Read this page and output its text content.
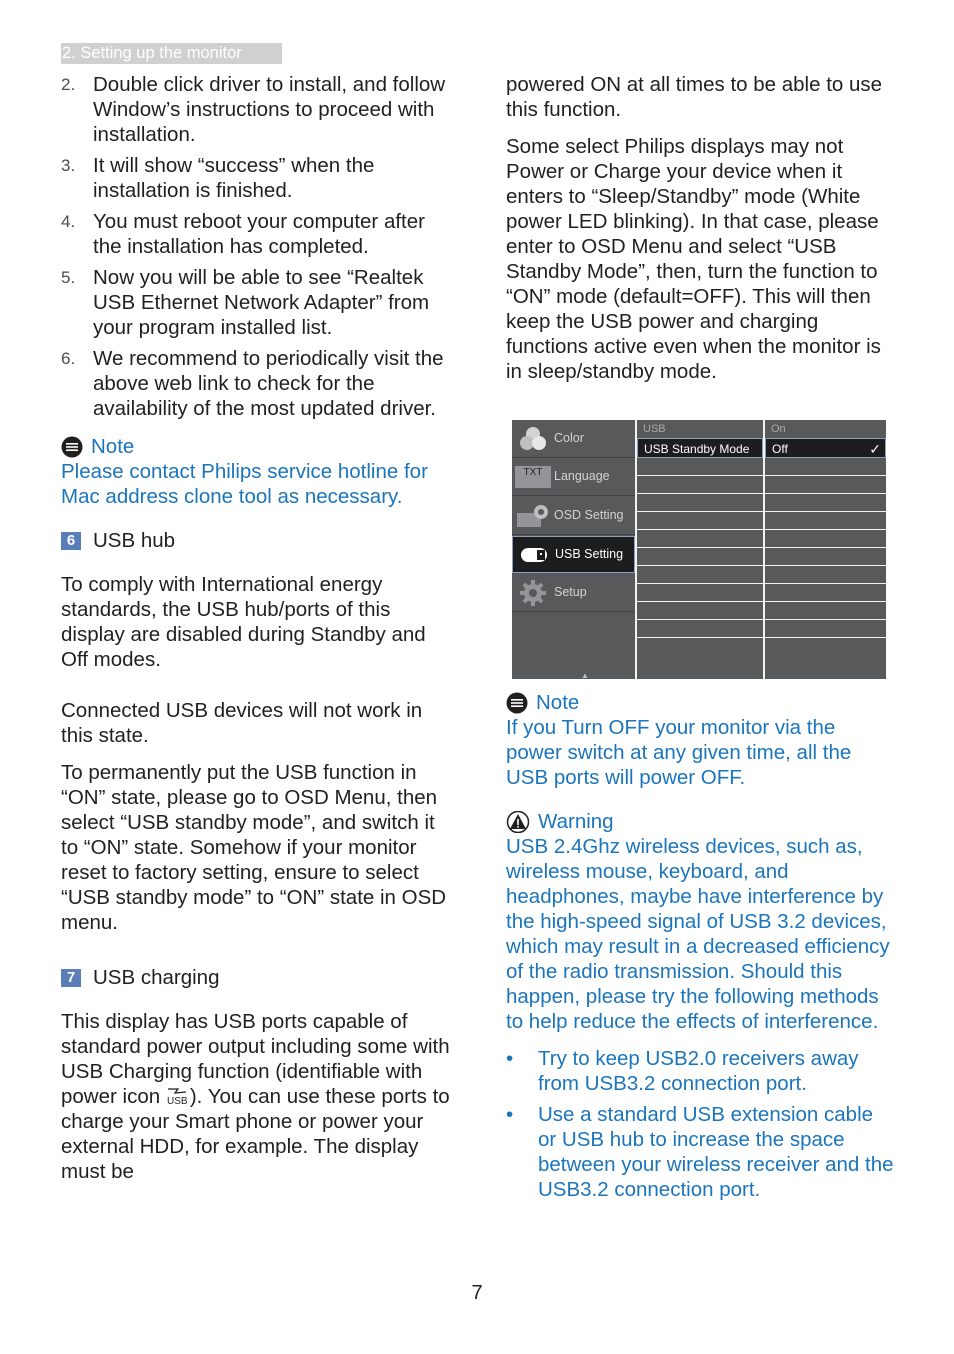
2. Setting up the monitor
2. Double click driver to install, and follow Window’s instructions to proceed with installation.
3. It will show “success” when the installation is finished.
4. You must reboot your computer after the installation has completed.
5. Now you will be able to see “Realtek USB Ethernet Network Adapter” from your program installed list.
6. We recommend to periodically visit the above web link to check for the availability of the most updated driver.
Note

Please contact Philips service hotline for Mac address clone tool as necessary.

6 USB hub

To comply with International energy standards, the USB hub/ports of this display are disabled during Standby and Off modes.

Connected USB devices will not work in this state.

To permanently put the USB function in “ON” state, please go to OSD Menu, then select “USB standby mode”, and switch it to “ON” state. Somehow if your monitor reset to factory setting, ensure to select “USB standby mode” to “ON” state in OSD menu.

7 USB charging

This display has USB ports capable of standard power output including some with USB Charging function (identifiable with power icon USB ). You can use these ports to charge your Smart phone or power your external HDD, for example. The display must be

powered ON at all times to be able to use this function.

Some select Philips displays may not Power or Charge your device when it enters to “Sleep/Standby” mode (White power LED blinking). In that case, please enter to OSD Menu and select “USB Standby Mode”, then, turn the function to “ON” mode (default=OFF). This will then keep the USB power and charging functions active even when the monitor is in sleep/standby mode.

Color
TXT Language
OSD Setting
USB Setting
Setup
▲
USB
USB Standby Mode
On
Off	✓
Note

If you Turn OFF your monitor via the power switch at any given time, all the USB ports will power OFF.

Warning

USB 2.4Ghz wireless devices, such as, wireless mouse, keyboard, and headphones, maybe have interference by the high-speed signal of USB 3.2 devices, which may result in a decreased efficiency of the radio transmission. Should this happen, please try the following methods to help reduce the effects of interference.

• Try to keep USB2.0 receivers away from USB3.2 connection port.
• Use a standard USB extension cable or USB hub to increase the space between your wireless receiver and the USB3.2 connection port.
7
